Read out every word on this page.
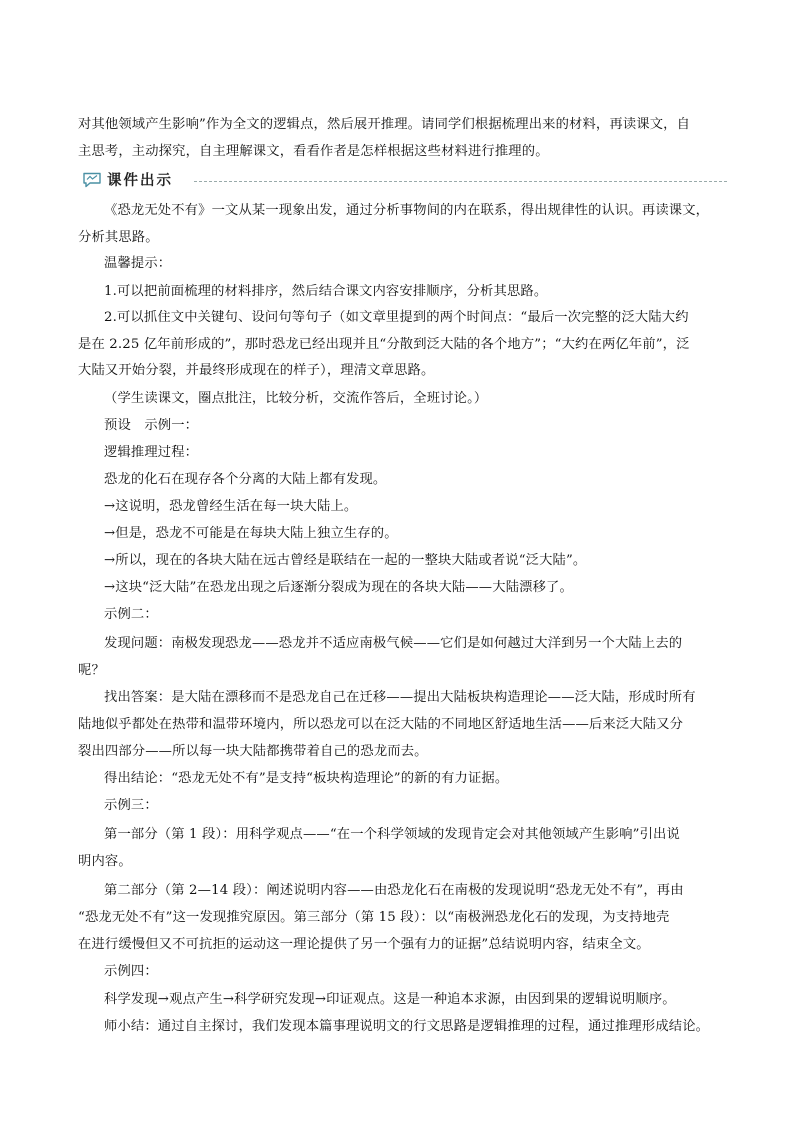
对其他领域产生影响”作为全文的逻辑点，然后展开推理。请同学们根据梳理出来的材料，再读课文，自
主思考，主动探究，自主理解课文，看看作者是怎样根据这些材料进行推理的。
课件出示
《恐龙无处不有》一文从某一现象出发，通过分析事物间的内在联系，得出规律性的认识。再读课文，
分析其思路。
温馨提示：
1.可以把前面梳理的材料排序，然后结合课文内容安排顺序，分析其思路。
2.可以抓住文中关键句、设问句等句子（如文章里提到的两个时间点：“最后一次完整的泛大陆大约
是在 2.25 亿年前形成的”，那时恐龙已经出现并且“分散到泛大陆的各个地方”；“大约在两亿年前”，泛
大陆又开始分裂，并最终形成现在的样子），理清文章思路。
（学生读课文，圈点批注，比较分析，交流作答后，全班讨论。）
预设　示例一：
逻辑推理过程：
恐龙的化石在现存各个分离的大陆上都有发现。
→这说明，恐龙曾经生活在每一块大陆上。
→但是，恐龙不可能是在每块大陆上独立生存的。
→所以，现在的各块大陆在远古曾经是联结在一起的一整块大陆或者说“泛大陆”。
→这块“泛大陆”在恐龙出现之后逐渐分裂成为现在的各块大陆——大陆漂移了。
示例二：
发现问题：南极发现恐龙——恐龙并不适应南极气候——它们是如何越过大洋到另一个大陆上去的
呢？
找出答案：是大陆在漂移而不是恐龙自己在迁移——提出大陆板块构造理论——泛大陆，形成时所有
陆地似乎都处在热带和温带环境内，所以恐龙可以在泛大陆的不同地区舒适地生活——后来泛大陆又分
裂出四部分——所以每一块大陆都携带着自己的恐龙而去。
得出结论：“恐龙无处不有”是支持“板块构造理论”的新的有力证据。
示例三：
第一部分（第 1 段）：用科学观点——“在一个科学领域的发现肯定会对其他领域产生影响”引出说
明内容。
第二部分（第 2—14 段）：阐述说明内容——由恐龙化石在南极的发现说明“恐龙无处不有”，再由
“恐龙无处不有”这一发现推究原因。第三部分（第 15 段）：以“南极洲恐龙化石的发现，为支持地壳
在进行缓慢但又不可抗拒的运动这一理论提供了另一个强有力的证据”总结说明内容，结束全文。
示例四：
科学发现→观点产生→科学研究发现→印证观点。这是一种追本求源，由因到果的逻辑说明顺序。
师小结：通过自主探讨，我们发现本篇事理说明文的行文思路是逻辑推理的过程，通过推理形成结论。
